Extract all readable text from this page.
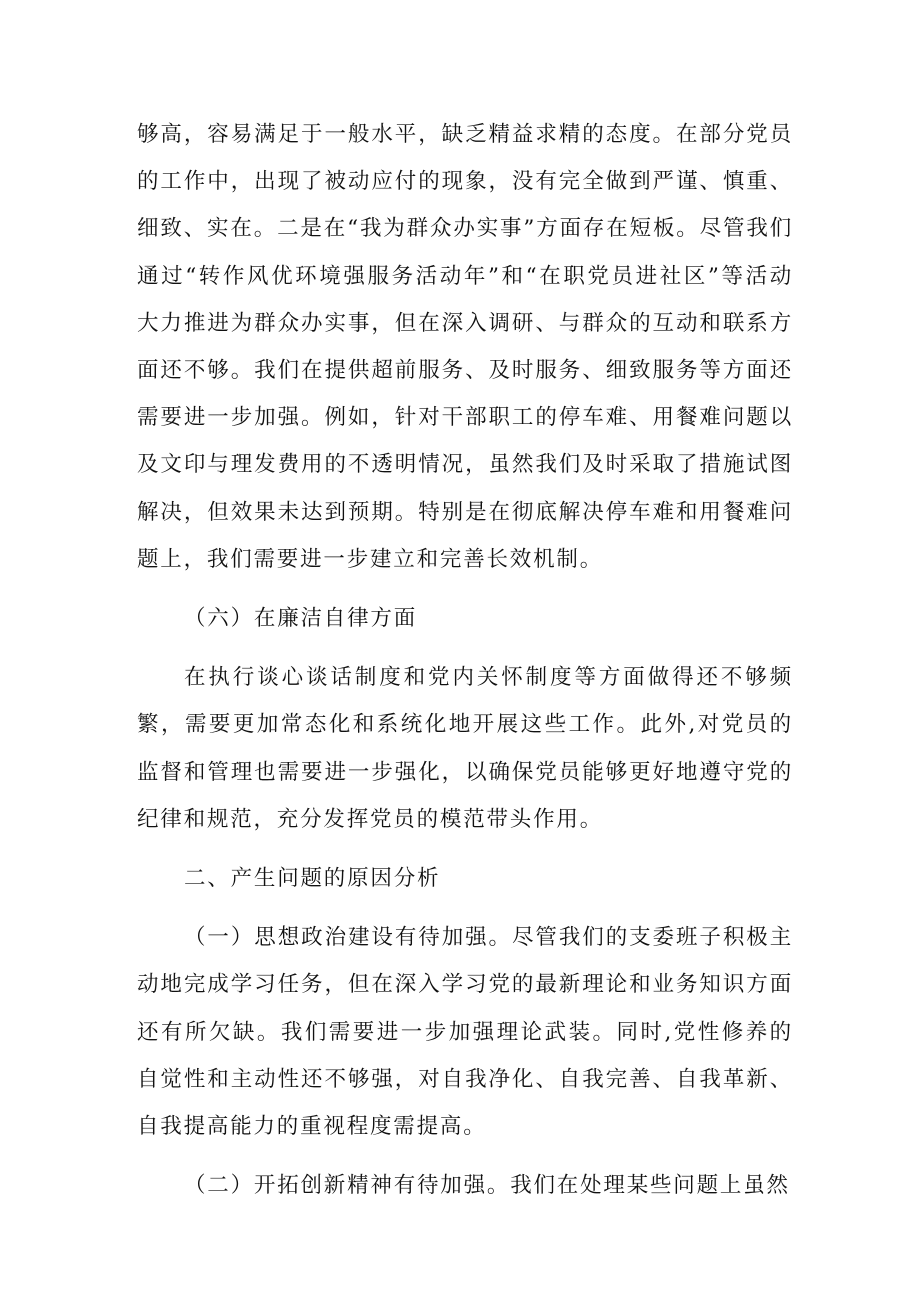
够高，容易满足于一般水平，缺乏精益求精的态度。在部分党员的工作中，出现了被动应付的现象，没有完全做到严谨、慎重、细致、实在。二是在“我为群众办实事”方面存在短板。尽管我们通过“转作风优环境强服务活动年”和“在职党员进社区”等活动大力推进为群众办实事，但在深入调研、与群众的互动和联系方面还不够。我们在提供超前服务、及时服务、细致服务等方面还需要进一步加强。例如，针对干部职工的停车难、用餐难问题以及文印与理发费用的不透明情况，虽然我们及时采取了措施试图解决，但效果未达到预期。特别是在彻底解决停车难和用餐难问题上，我们需要进一步建立和完善长效机制。

（六）在廉洁自律方面

在执行谈心谈话制度和党内关怀制度等方面做得还不够频繁，需要更加常态化和系统化地开展这些工作。此外,对党员的监督和管理也需要进一步强化，以确保党员能够更好地遵守党的纪律和规范，充分发挥党员的模范带头作用。

二、产生问题的原因分析

（一）思想政治建设有待加强。尽管我们的支委班子积极主动地完成学习任务，但在深入学习党的最新理论和业务知识方面还有所欠缺。我们需要进一步加强理论武装。同时,党性修养的自觉性和主动性还不够强，对自我净化、自我完善、自我革新、自我提高能力的重视程度需提高。

（二）开拓创新精神有待加强。我们在处理某些问题上虽然
